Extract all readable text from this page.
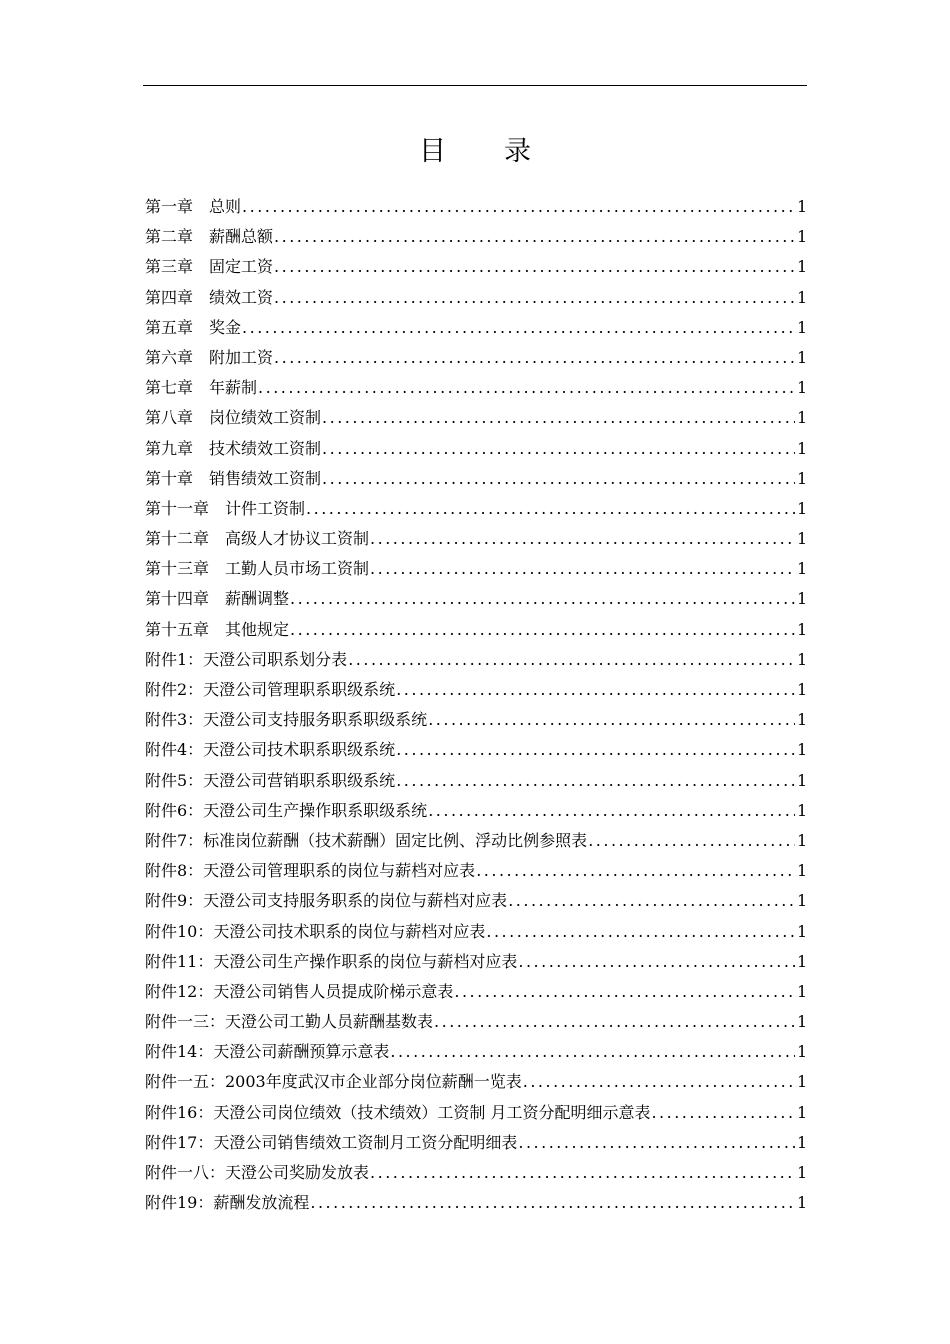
目录
第一章　总则 .....	1
第二章　薪酬总额 .....	1
第三章　固定工资 .....	1
第四章　绩效工资 .....	1
第五章　奖金 .....	1
第六章　附加工资 .....	1
第七章　年薪制 .....	1
第八章　岗位绩效工资制 .....	1
第九章　技术绩效工资制 .....	1
第十章　销售绩效工资制 .....	1
第十一章　计件工资制 .....	1
第十二章　高级人才协议工资制 .....	1
第十三章　工勤人员市场工资制 .....	1
第十四章　薪酬调整 .....	1
第十五章　其他规定 .....	1
附件1：天澄公司职系划分表 .....	1
附件2：天澄公司管理职系职级系统 .....	1
附件3：天澄公司支持服务职系职级系统 .....	1
附件4：天澄公司技术职系职级系统 .....	1
附件5：天澄公司营销职系职级系统 .....	1
附件6：天澄公司生产操作职系职级系统 .....	1
附件7：标准岗位薪酬（技术薪酬）固定比例、浮动比例参照表 .....	1
附件8：天澄公司管理职系的岗位与薪档对应表 .....	1
附件9：天澄公司支持服务职系的岗位与薪档对应表 .....	1
附件10：天澄公司技术职系的岗位与薪档对应表 .....	1
附件11：天澄公司生产操作职系的岗位与薪档对应表 .....	1
附件12：天澄公司销售人员提成阶梯示意表 .....	1
附件一三：天澄公司工勤人员薪酬基数表 .....	1
附件14：天澄公司薪酬预算示意表 .....	1
附件一五：2003年度武汉市企业部分岗位薪酬一览表 .....	1
附件16：天澄公司岗位绩效（技术绩效）工资制 月工资分配明细示意表 .....	1
附件17：天澄公司销售绩效工资制月工资分配明细表 .....	1
附件一八：天澄公司奖励发放表 .....	1
附件19：薪酬发放流程 .....	1
